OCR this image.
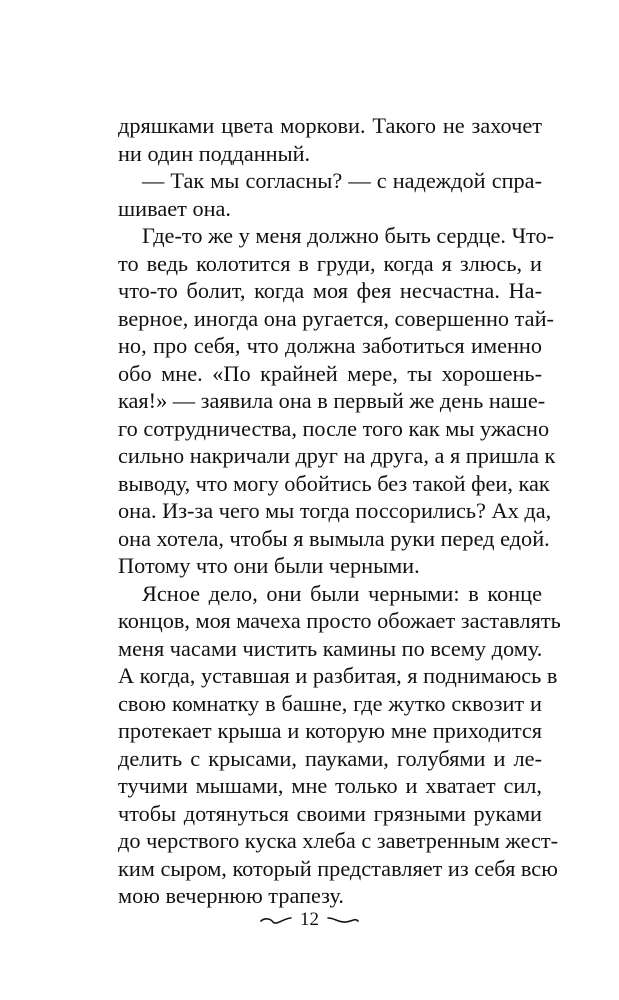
дряшками цвета моркови. Такого не захочет
ни один подданный.
— Так мы согласны? — с надеждой спра-
шивает она.
Где-то же у меня должно быть сердце. Что-
то ведь колотится в груди, когда я злюсь, и
что-то болит, когда моя фея несчастна. На-
верное, иногда она ругается, совершенно тай-
но, про себя, что должна заботиться именно
обо мне. «По крайней мере, ты хорошень-
кая!» — заявила она в первый же день наше-
го сотрудничества, после того как мы ужасно
сильно накричали друг на друга, а я пришла к
выводу, что могу обойтись без такой феи, как
она. Из-за чего мы тогда поссорились? Ах да,
она хотела, чтобы я вымыла руки перед едой.
Потому что они были черными.
Ясное дело, они были черными: в конце
концов, моя мачеха просто обожает заставлять
меня часами чистить камины по всему дому.
А когда, уставшая и разбитая, я поднимаюсь в
свою комнатку в башне, где жутко сквозит и
протекает крыша и которую мне приходится
делить с крысами, пауками, голубями и ле-
тучими мышами, мне только и хватает сил,
чтобы дотянуться своими грязными руками
до черствого куска хлеба с заветренным жест-
ким сыром, который представляет из себя всю
мою вечернюю трапезу.
12
